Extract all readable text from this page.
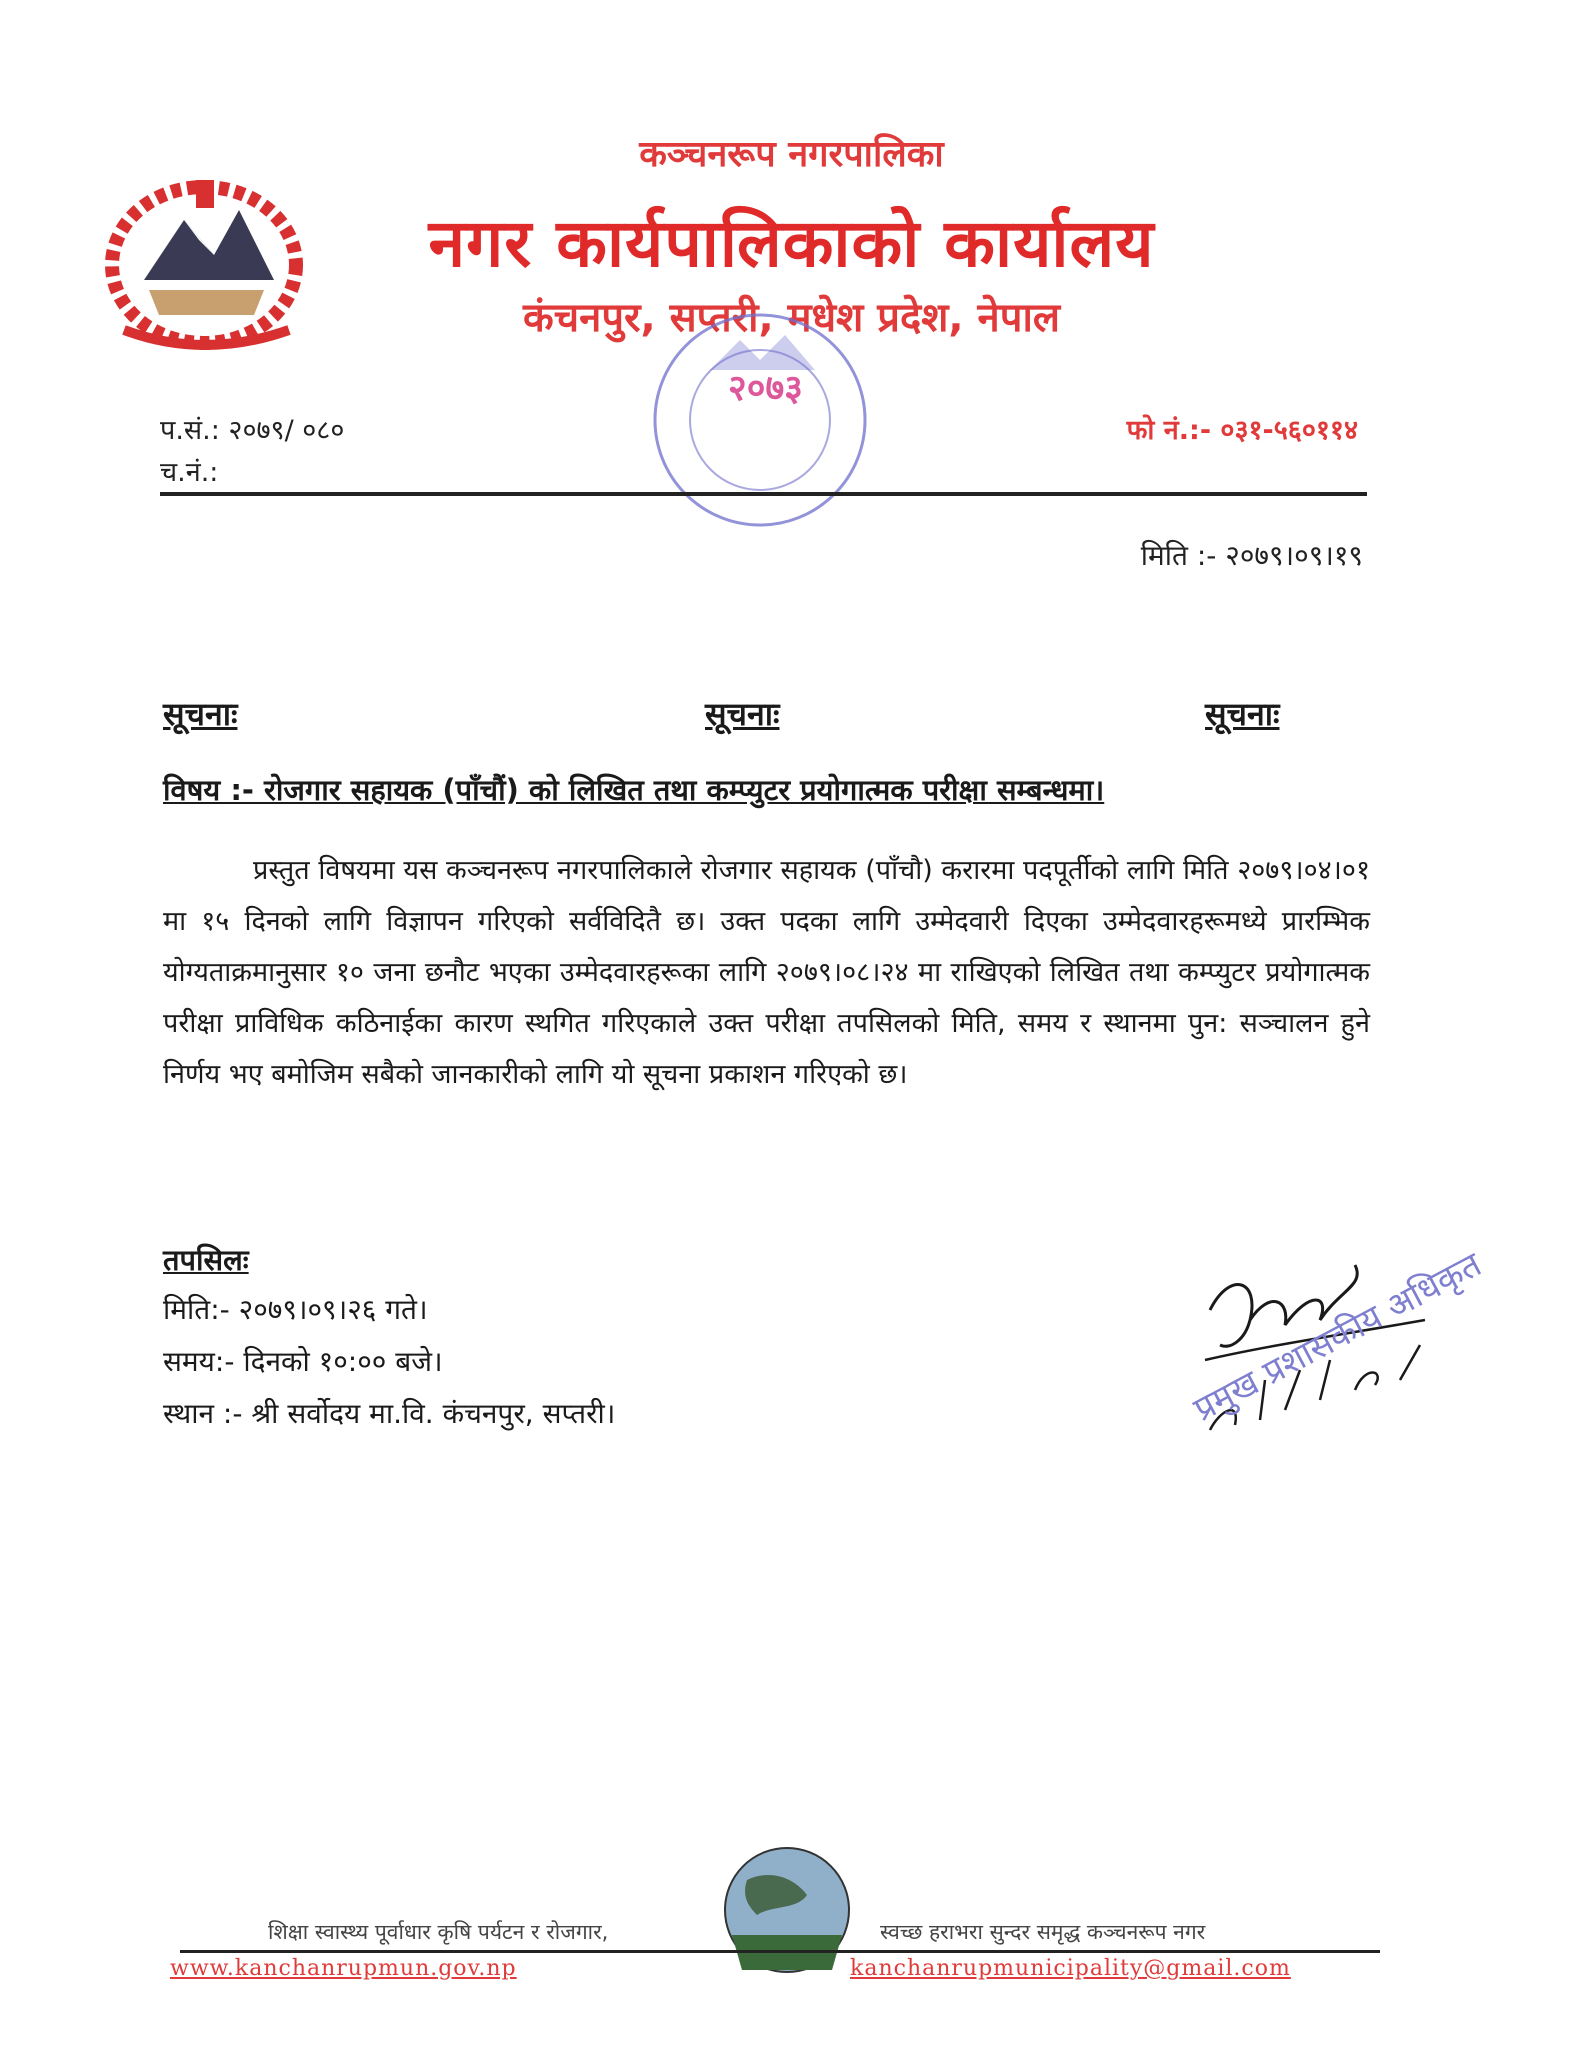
कञ्चनरूप नगरपालिका
नगर कार्यपालिकाको कार्यालय
कंचनपुर, सप्तरी, मधेश प्रदेश, नेपाल
२०७३
प.सं.: २०७९/ ०८०
च.नं.:
फो नं.:- ०३१-५६०११४
मिति :- २०७९।०९।१९
सूचनाः	सूचनाः	सूचनाः
विषय :- रोजगार सहायक (पाँचौं) को लिखित तथा कम्प्युटर प्रयोगात्मक परीक्षा सम्बन्धमा।
प्रस्तुत विषयमा यस कञ्चनरूप नगरपालिकाले रोजगार सहायक (पाँचौ) करारमा पदपूर्तीको लागि मिति २०७९।०४।०१ मा १५ दिनको लागि विज्ञापन गरिएको सर्वविदितै छ। उक्त पदका लागि उम्मेदवारी दिएका उम्मेदवारहरूमध्ये प्रारम्भिक योग्यताक्रमानुसार १० जना छनौट भएका उम्मेदवारहरूका लागि २०७९।०८।२४ मा राखिएको लिखित तथा कम्प्युटर प्रयोगात्मक परीक्षा प्राविधिक कठिनाईका कारण स्थगित गरिएकाले उक्त परीक्षा तपसिलको मिति, समय र स्थानमा पुन: सञ्चालन हुने निर्णय भए बमोजिम सबैको जानकारीको लागि यो सूचना प्रकाशन गरिएको छ।
तपसिलः
मिति:- २०७९।०९।२६ गते।
समय:- दिनको १०:०० बजे।
स्थान :- श्री सर्वोदय मा.वि. कंचनपुर, सप्तरी।	प्रमुख प्रशासकीय अधिकृत
शिक्षा स्वास्थ्य पूर्वाधार कृषि पर्यटन र रोजगार,	स्वच्छ हराभरा सुन्दर समृद्ध कञ्चनरूप नगर
www.kanchanrupmun.gov.np	kanchanrupmunicipality@gmail.com
